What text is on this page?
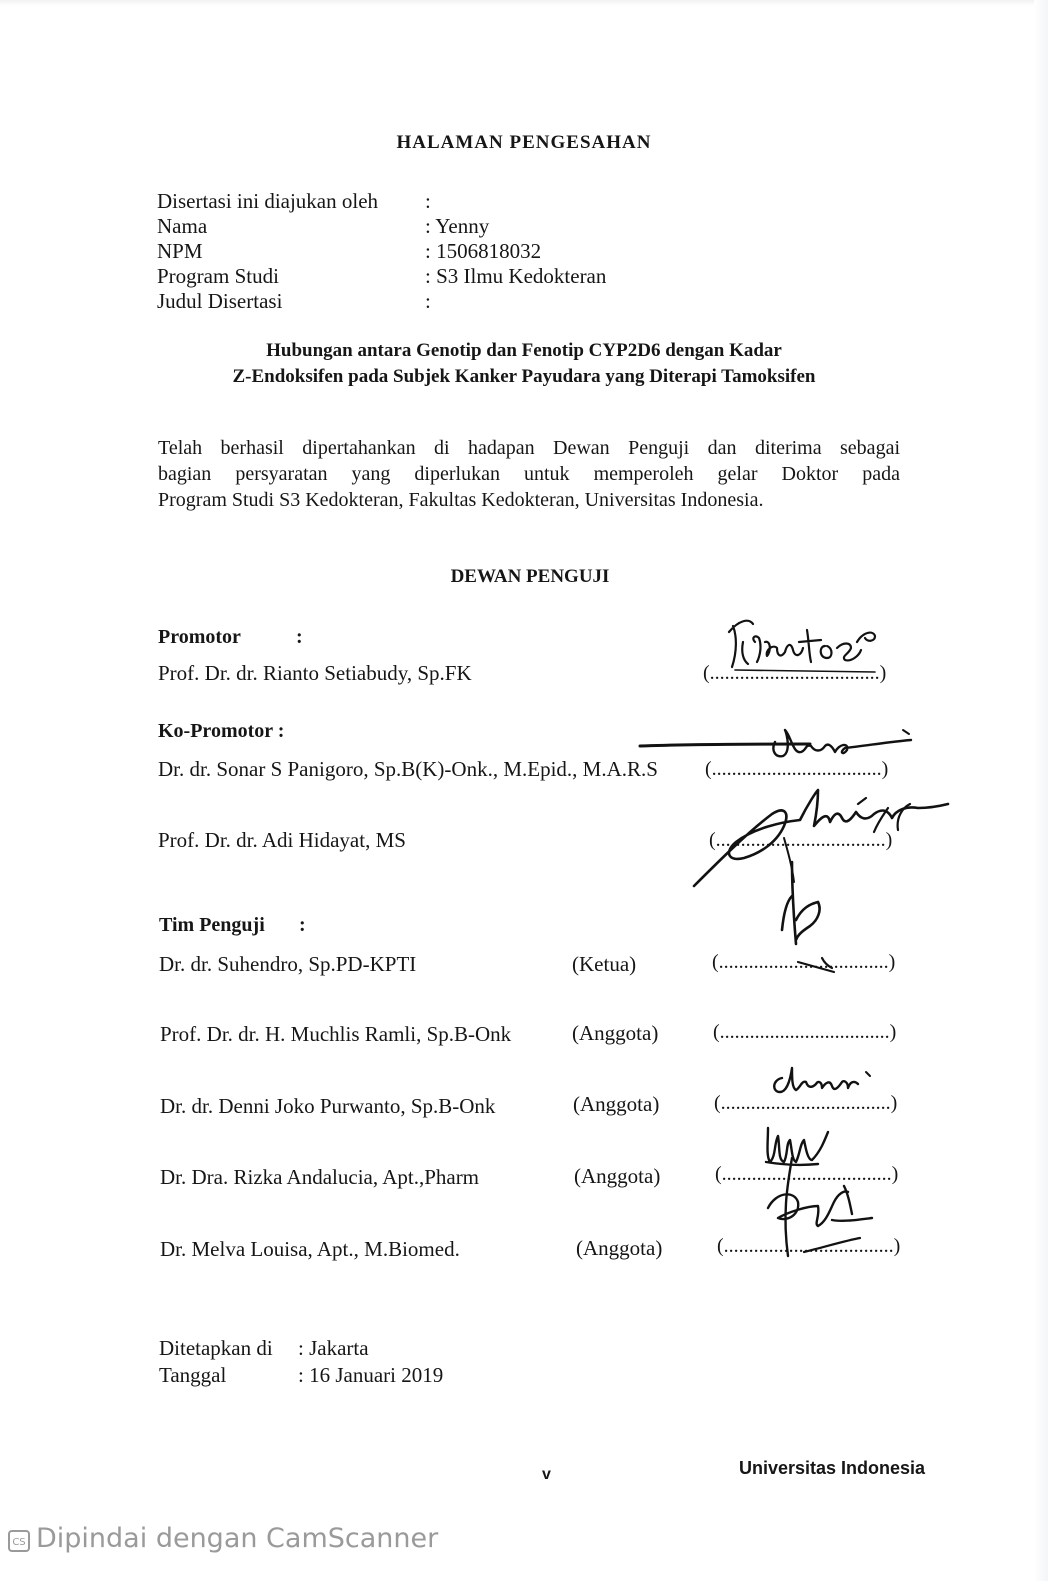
HALAMAN PENGESAHAN
Disertasi ini diajukan oleh :
Nama	: Yenny
NPM	: 1506818032
Program Studi	: S3 Ilmu Kedokteran
Judul Disertasi	:
Hubungan antara Genotip dan Fenotip CYP2D6 dengan Kadar
Z-Endoksifen pada Subjek Kanker Payudara yang Diterapi Tamoksifen
Telah berhasil dipertahankan di hadapan Dewan Penguji dan diterima sebagai
bagian persyaratan yang diperlukan untuk memperoleh gelar Doktor pada
Program Studi S3 Kedokteran, Fakultas Kedokteran, Universitas Indonesia.
DEWAN PENGUJI
Promotor	:
Prof. Dr. dr. Rianto Setiabudy, Sp.FK	(..................................)
Ko-Promotor :
Dr. dr. Sonar S Panigoro, Sp.B(K)-Onk., M.Epid., M.A.R.S (..................................)
Prof. Dr. dr. Adi Hidayat, MS	(..................................)
Tim Penguji :
Dr. dr. Suhendro, Sp.PD-KPTI	(Ketua)	(..................................)
Prof. Dr. dr. H. Muchlis Ramli, Sp.B-Onk	(Anggota)	(..................................)
Dr. dr. Denni Joko Purwanto, Sp.B-Onk	(Anggota)	(..................................)
Dr. Dra. Rizka Andalucia, Apt.,Pharm	(Anggota)	(..................................)
Dr. Melva Louisa, Apt., M.Biomed.	(Anggota)	(..................................)
Ditetapkan di : Jakarta
Tanggal	: 16 Januari 2019
v	Universitas Indonesia
CS Dipindai dengan CamScanner
